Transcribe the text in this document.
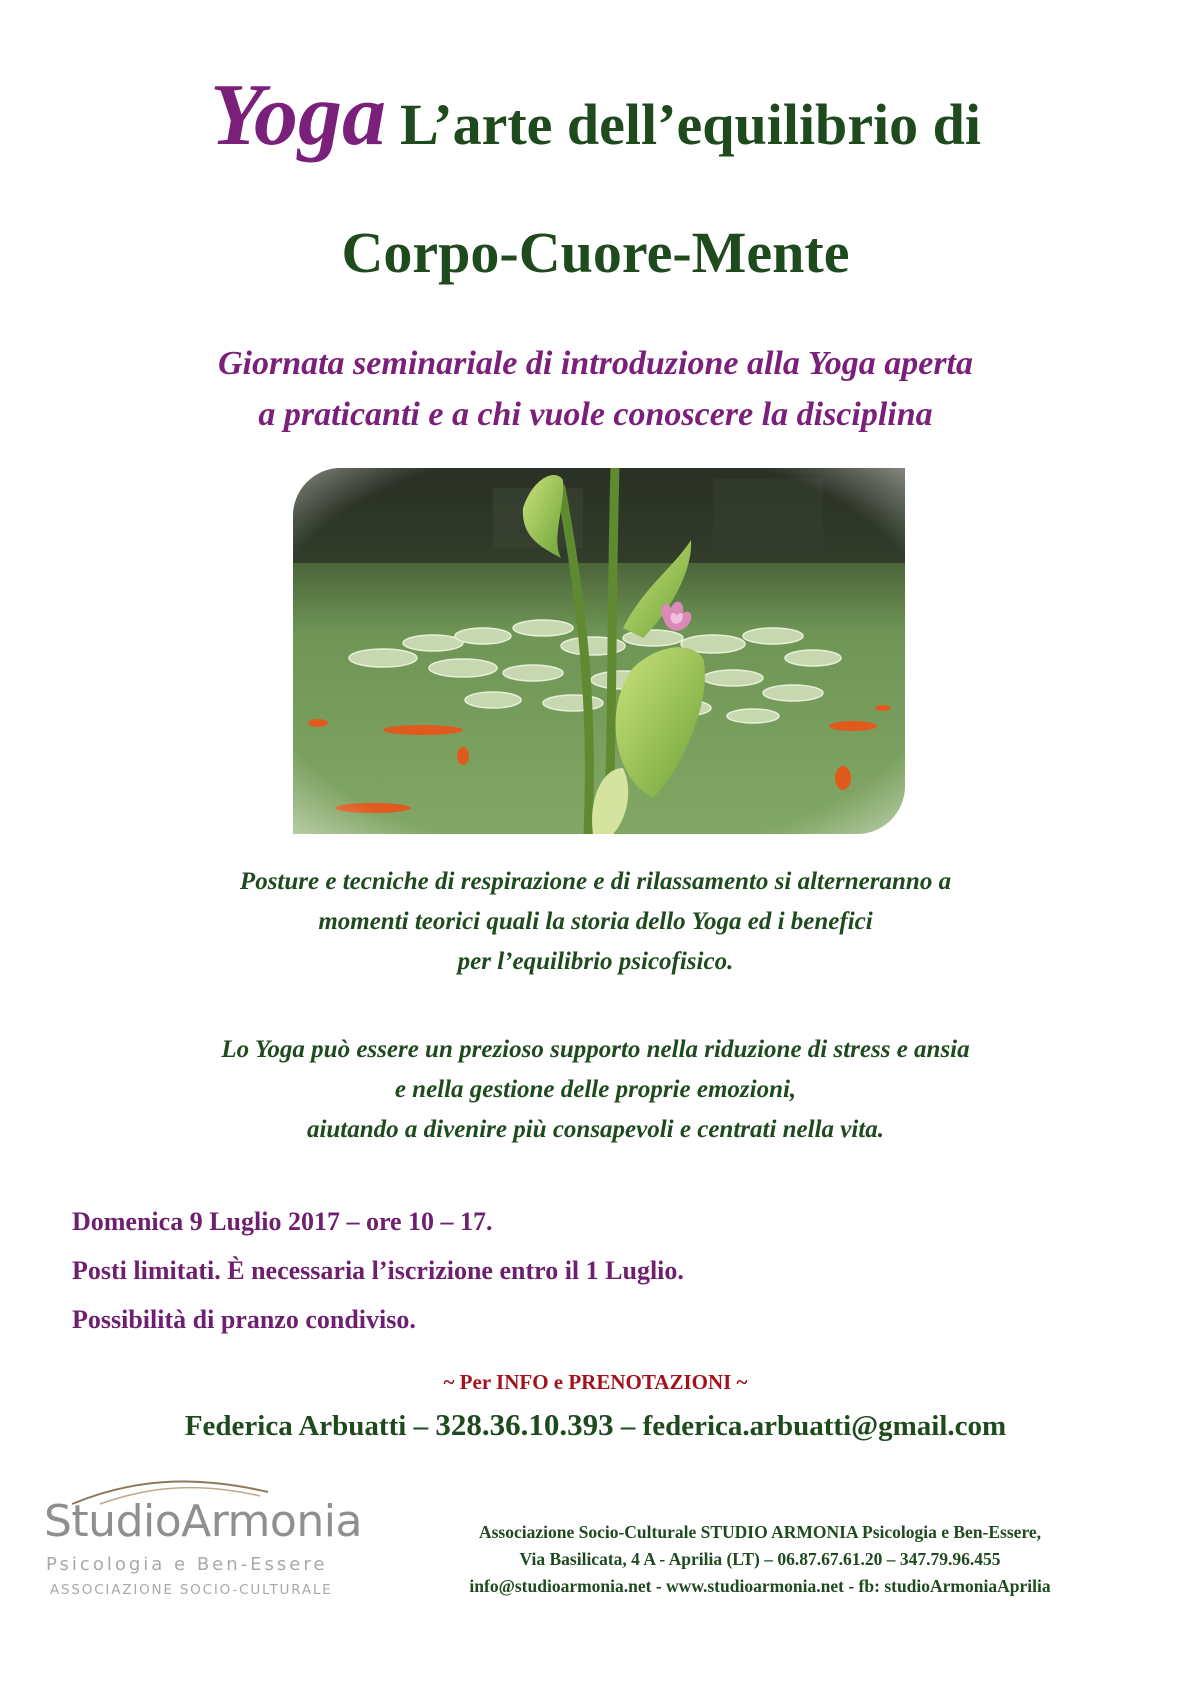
Yoga L’arte dell’equilibrio di
Corpo-Cuore-Mente
Giornata seminariale di introduzione alla Yoga aperta
a praticanti e a chi vuole conoscere la disciplina
Posture e tecniche di respirazione e di rilassamento si alterneranno a
momenti teorici quali la storia dello Yoga ed i benefici
per l’equilibrio psicofisico.
Lo Yoga può essere un prezioso supporto nella riduzione di stress e ansia
e nella gestione delle proprie emozioni,
aiutando a divenire più consapevoli e centrati nella vita.
Domenica 9 Luglio 2017 – ore 10 – 17.
Posti limitati. È necessaria l’iscrizione entro il 1 Luglio.
Possibilità di pranzo condiviso.
~ Per INFO e PRENOTAZIONI ~
Federica Arbuatti – 328.36.10.393 – federica.arbuatti@gmail.com
StudioArmonia
Psicologia e Ben-Essere
ASSOCIAZIONE SOCIO-CULTURALE
Associazione Socio-Culturale STUDIO ARMONIA Psicologia e Ben-Essere,
Via Basilicata, 4 A - Aprilia (LT) – 06.87.67.61.20 – 347.79.96.455
info@studioarmonia.net - www.studioarmonia.net - fb: studioArmoniaAprilia
